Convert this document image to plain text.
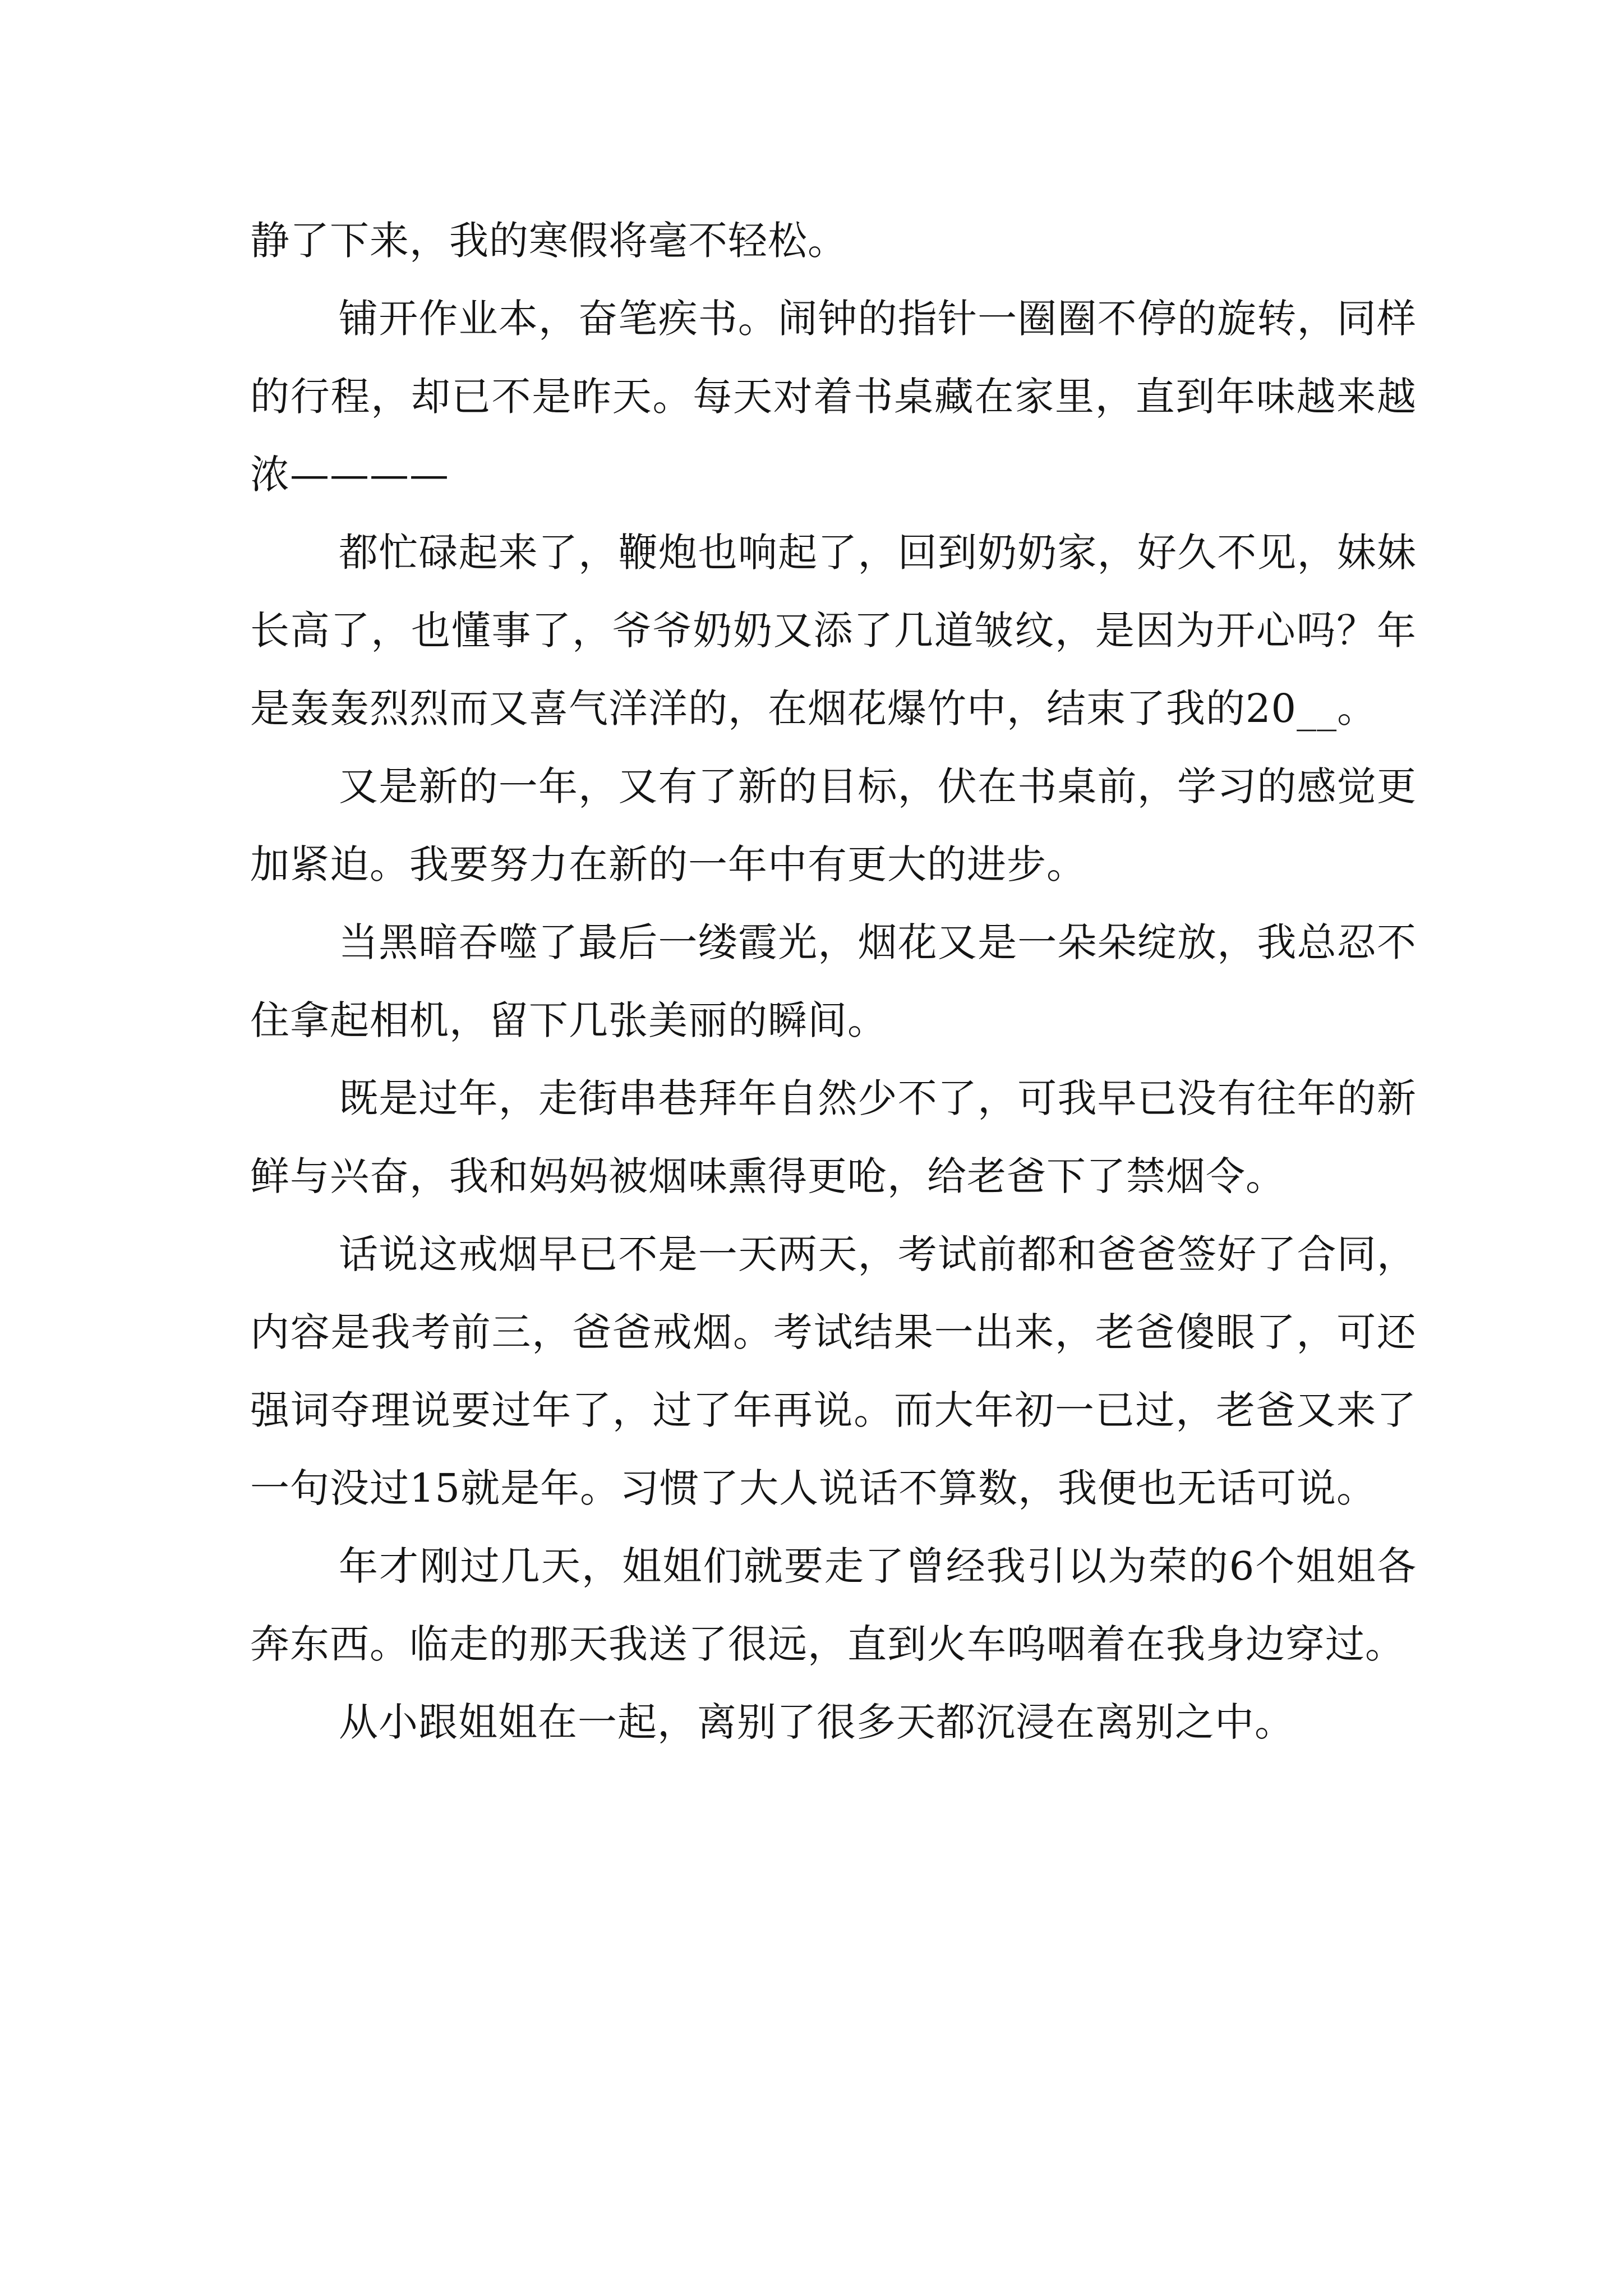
静了下来，我的寒假将毫不轻松。

铺开作业本，奋笔疾书。闹钟的指针一圈圈不停的旋转，同样的行程，却已不是昨天。每天对着书桌藏在家里，直到年味越来越浓————

都忙碌起来了，鞭炮也响起了，回到奶奶家，好久不见，妹妹长高了，也懂事了，爷爷奶奶又添了几道皱纹，是因为开心吗？年是轰轰烈烈而又喜气洋洋的，在烟花爆竹中，结束了我的20__。

又是新的一年，又有了新的目标，伏在书桌前，学习的感觉更加紧迫。我要努力在新的一年中有更大的进步。

当黑暗吞噬了最后一缕霞光，烟花又是一朵朵绽放，我总忍不住拿起相机，留下几张美丽的瞬间。

既是过年，走街串巷拜年自然少不了，可我早已没有往年的新鲜与兴奋，我和妈妈被烟味熏得更呛，给老爸下了禁烟令。

话说这戒烟早已不是一天两天，考试前都和爸爸签好了合同，内容是我考前三，爸爸戒烟。考试结果一出来，老爸傻眼了，可还强词夺理说要过年了，过了年再说。而大年初一已过，老爸又来了一句没过15就是年。习惯了大人说话不算数，我便也无话可说。

年才刚过几天，姐姐们就要走了曾经我引以为荣的6个姐姐各奔东西。临走的那天我送了很远，直到火车呜咽着在我身边穿过。

从小跟姐姐在一起，离别了很多天都沉浸在离别之中。
